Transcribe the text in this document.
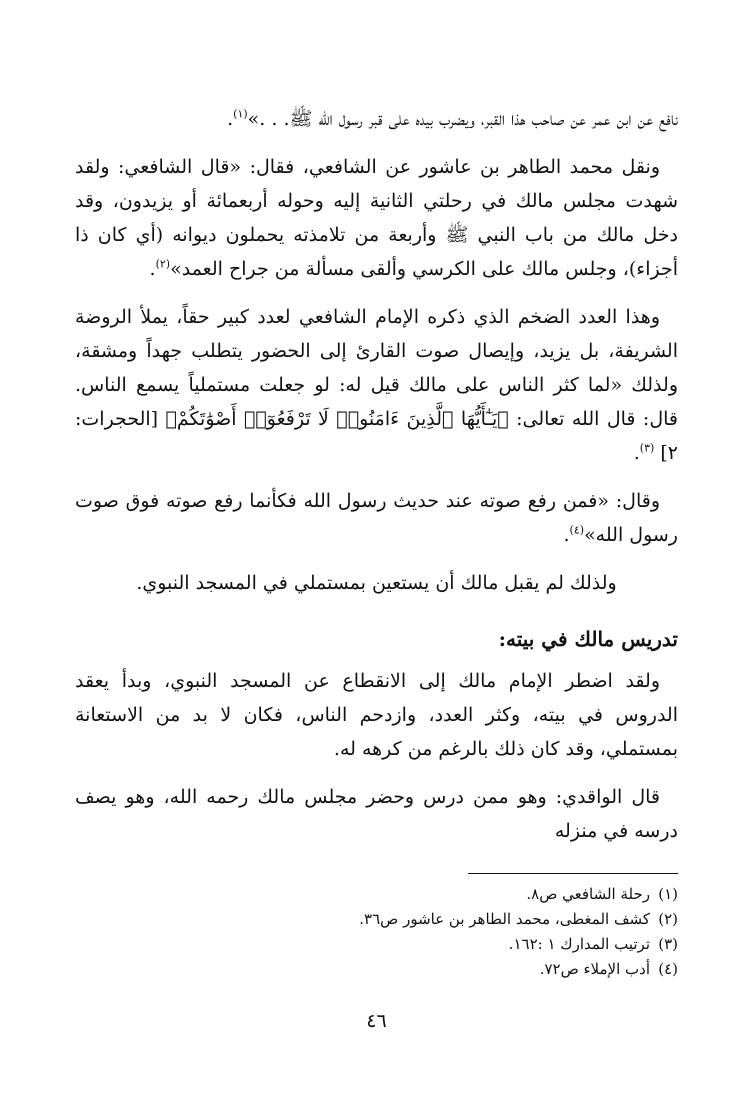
نافع عن ابن عمر عن صاحب هذا القبر، ويضرب بيده على قبر رسول الله ﷺ. . .»$^{(١)}$.

ونقل محمد الطاهر بن عاشور عن الشافعي، فقال: «قال الشافعي: ولقد شهدت مجلس مالك في رحلتي الثانية إليه وحوله أربعمائة أو يزيدون، وقد دخل مالك من باب النبي ﷺ وأربعة من تلامذته يحملون ديوانه (أي كان ذا أجزاء)، وجلس مالك على الكرسي وألقى مسألة من جراح العمد»$^{(٢)}$.

وهذا العدد الضخم الذي ذكره الإمام الشافعي لعدد كبير حقاً، يملأ الروضة الشريفة، بل يزيد، وإيصال صوت القارئ إلى الحضور يتطلب جهداً ومشقة، ولذلك «لما كثر الناس على مالك قيل له: لو جعلت مستملياً يسمع الناس. قال: قال الله تعالى: ﴿يَـٰٓأَيُّهَا ٱلَّذِينَ ءَامَنُوا۟ لَا تَرْفَعُوٓا۟ أَصْوَٰتَكُمْ﴾ [الحجرات: ٢] $^{(٣)}$.

وقال: «فمن رفع صوته عند حديث رسول الله فكأنما رفع صوته فوق صوت رسول الله»$^{(٤)}$.

ولذلك لم يقبل مالك أن يستعين بمستملي في المسجد النبوي.

تدريس مالك في بيته:

ولقد اضطر الإمام مالك إلى الانقطاع عن المسجد النبوي، وبدأ يعقد الدروس في بيته، وكثر العدد، وازدحم الناس، فكان لا بد من الاستعانة بمستملي، وقد كان ذلك بالرغم من كرهه له.

قال الواقدي: وهو ممن درس وحضر مجلس مالك رحمه الله، وهو يصف درسه في منزله

(١)رحلة الشافعي ص٨.
(٢)كشف المغطى، محمد الطاهر بن عاشور ص٣٦.
(٣)ترتيب المدارك ١ :١٦٢.
(٤)أدب الإملاء ص٧٢.
٤٦
